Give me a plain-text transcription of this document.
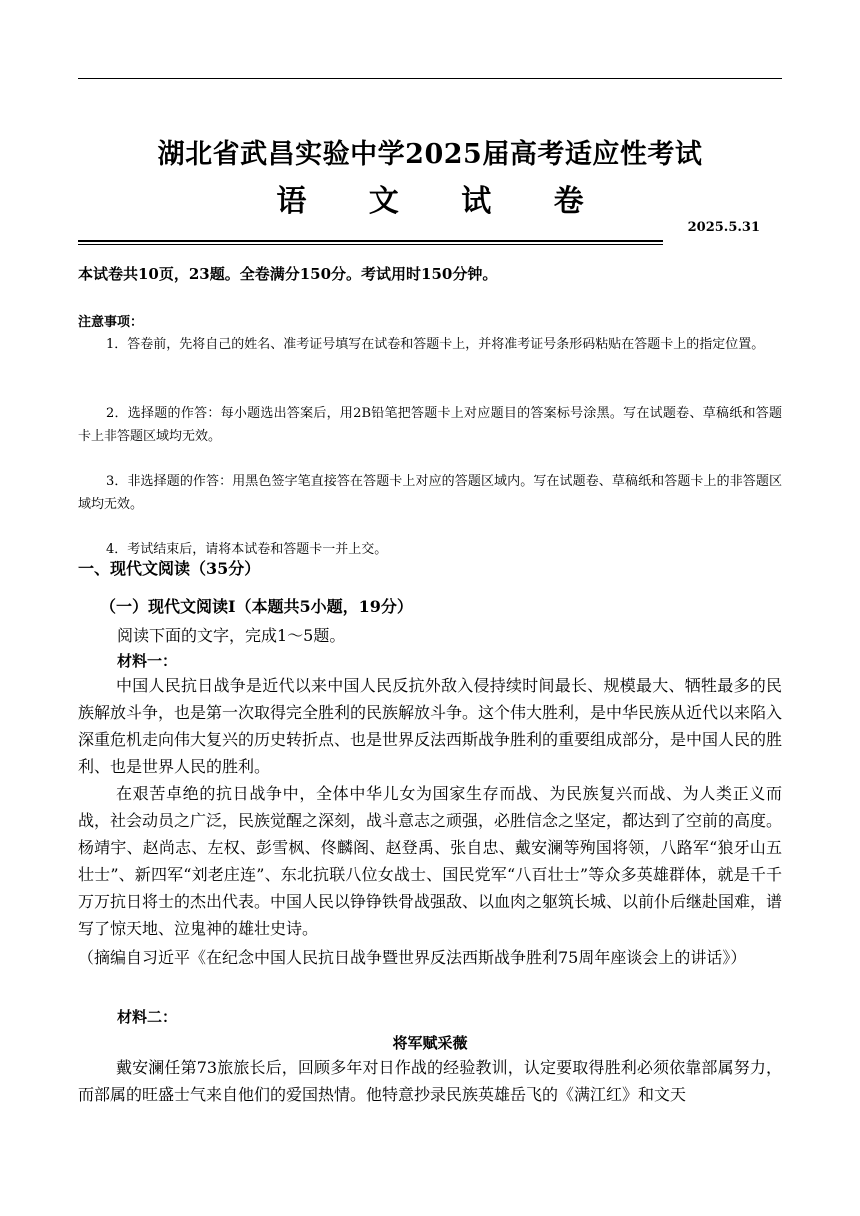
湖北省武昌实验中学2025届高考适应性考试
语 文 试 卷
2025.5.31
本试卷共10页，23题。全卷满分150分。考试用时150分钟。
注意事项：
1．答卷前，先将自己的姓名、准考证号填写在试卷和答题卡上，并将准考证号条形码粘贴在答题卡上的指定位置。
2．选择题的作答：每小题选出答案后，用2B铅笔把答题卡上对应题目的答案标号涂黑。写在试题卷、草稿纸和答题卡上非答题区域均无效。
3．非选择题的作答：用黑色签字笔直接答在答题卡上对应的答题区域内。写在试题卷、草稿纸和答题卡上的非答题区域均无效。
4．考试结束后，请将本试卷和答题卡一并上交。
一、现代文阅读（35分）
（一）现代文阅读Ⅰ（本题共5小题，19分）
阅读下面的文字，完成1～5题。
材料一：
中国人民抗日战争是近代以来中国人民反抗外敌入侵持续时间最长、规模最大、牺牲最多的民族解放斗争，也是第一次取得完全胜利的民族解放斗争。这个伟大胜利，是中华民族从近代以来陷入深重危机走向伟大复兴的历史转折点、也是世界反法西斯战争胜利的重要组成部分，是中国人民的胜利、也是世界人民的胜利。
在艰苦卓绝的抗日战争中，全体中华儿女为国家生存而战、为民族复兴而战、为人类正义而战，社会动员之广泛，民族觉醒之深刻，战斗意志之顽强，必胜信念之坚定，都达到了空前的高度。杨靖宇、赵尚志、左权、彭雪枫、佟麟阁、赵登禹、张自忠、戴安澜等殉国将领，八路军“狼牙山五壮士”、新四军“刘老庄连”、东北抗联八位女战士、国民党军“八百壮士”等众多英雄群体，就是千千万万抗日将士的杰出代表。中国人民以铮铮铁骨战强敌、以血肉之躯筑长城、以前仆后继赴国难，谱写了惊天地、泣鬼神的雄壮史诗。
（摘编自习近平《在纪念中国人民抗日战争暨世界反法西斯战争胜利75周年座谈会上的讲话》）
材料二：
将军赋采薇
戴安澜任第73旅旅长后，回顾多年对日作战的经验教训，认定要取得胜利必须依靠部属努力，而部属的旺盛士气来自他们的爱国热情。他特意抄录民族英雄岳飞的《满江红》和文天
